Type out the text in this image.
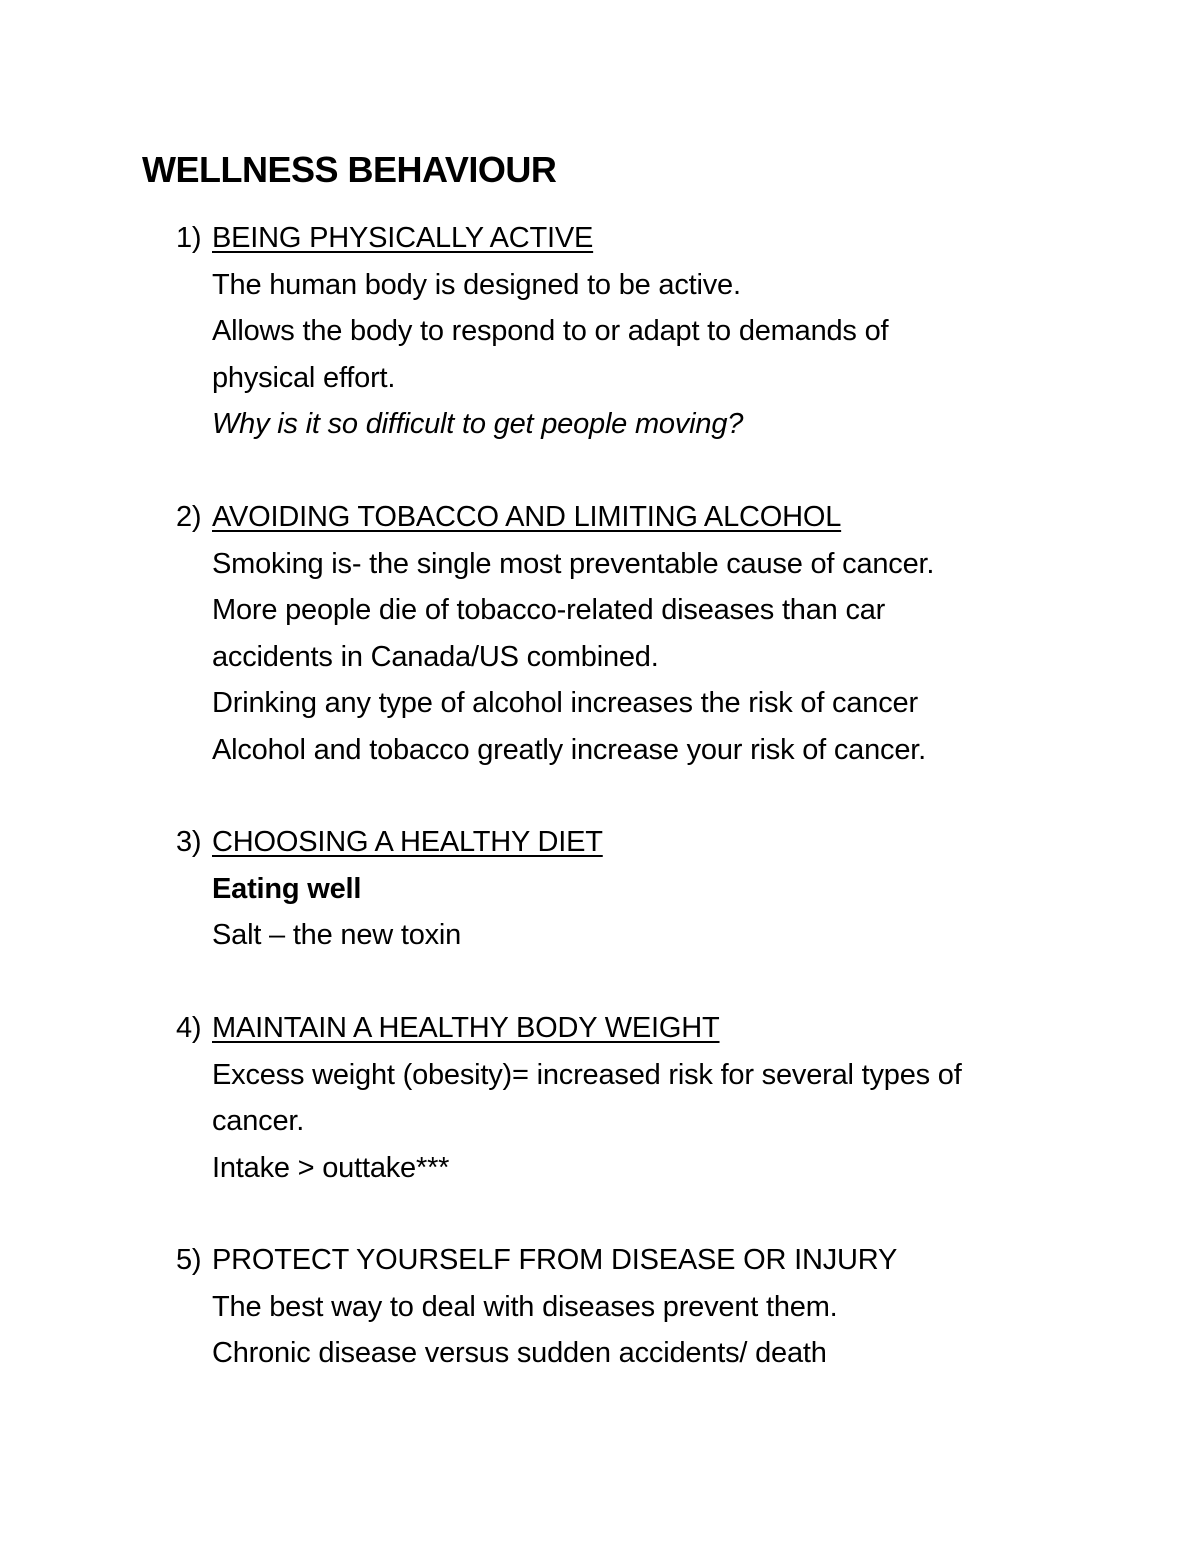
WELLNESS BEHAVIOUR
1) BEING PHYSICALLY ACTIVE
The human body is designed to be active.
Allows the body to respond to or adapt to demands of
physical effort.
Why is it so difficult to get people moving?
2) AVOIDING TOBACCO AND LIMITING ALCOHOL
Smoking is- the single most preventable cause of cancer.
More people die of tobacco-related diseases than car
accidents in Canada/US combined.
Drinking any type of alcohol increases the risk of cancer
Alcohol and tobacco greatly increase your risk of cancer.
3) CHOOSING A HEALTHY DIET
Eating well
Salt – the new toxin
4) MAINTAIN A HEALTHY BODY WEIGHT
Excess weight (obesity)= increased risk for several types of
cancer.
Intake > outtake***
5) PROTECT YOURSELF FROM DISEASE OR INJURY
The best way to deal with diseases prevent them.
Chronic disease versus sudden accidents/ death
